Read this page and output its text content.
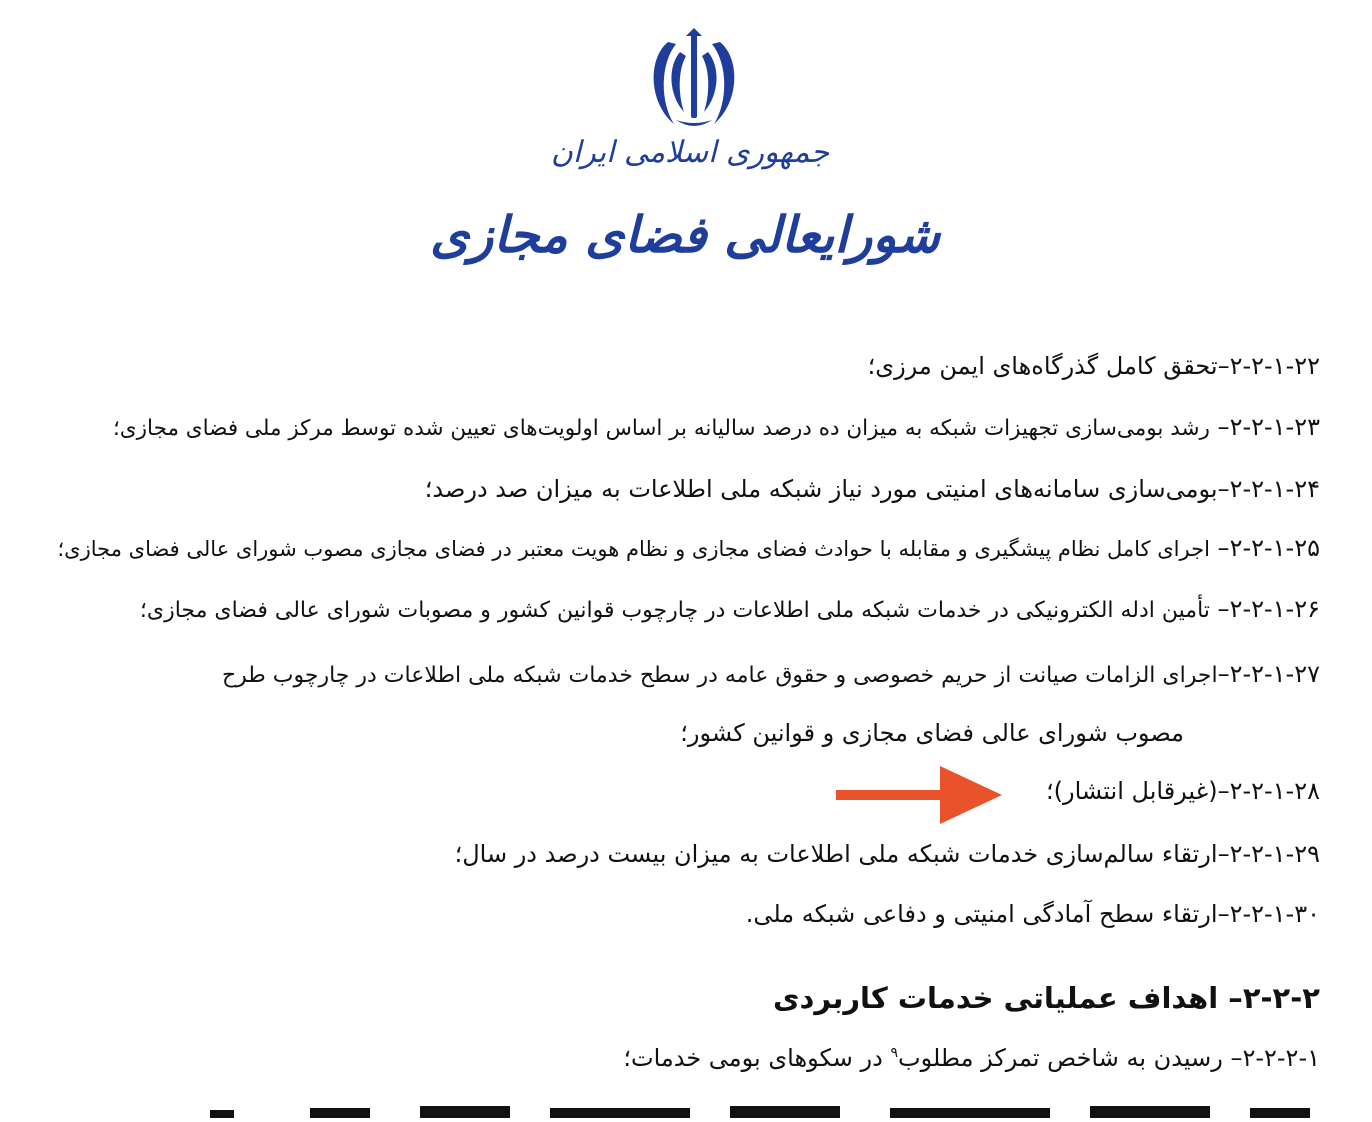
جمهوری اسلامی ایران
شورایعالی فضای مجازی
۲-۲-۱-۲۲–تحقق کامل گذرگاه‌های ایمن مرزی؛
۲-۲-۱-۲۳– رشد بومی‌سازی تجهیزات شبکه به میزان ده درصد سالیانه بر اساس اولویت‌های تعیین شده توسط مرکز ملی فضای مجازی؛
۲-۲-۱-۲۴–بومی‌سازی سامانه‌های امنیتی مورد نیاز شبکه ملی اطلاعات به میزان صد درصد؛
۲-۲-۱-۲۵– اجرای کامل نظام پیشگیری و مقابله با حوادث فضای مجازی و نظام هویت معتبر در فضای مجازی مصوب شورای عالی فضای مجازی؛
۲-۲-۱-۲۶– تأمین ادله الکترونیکی در خدمات شبکه ملی اطلاعات در چارچوب قوانین کشور و مصوبات شورای عالی فضای مجازی؛
۲-۲-۱-۲۷–اجرای الزامات صیانت از حریم خصوصی و حقوق عامه در سطح خدمات شبکه ملی اطلاعات در چارچوب طرح
مصوب شورای عالی فضای مجازی و قوانین کشور؛
۲-۲-۱-۲۸–(غیرقابل انتشار)؛
۲-۲-۱-۲۹–ارتقاء سالم‌سازی خدمات شبکه ملی اطلاعات به میزان بیست درصد در سال؛
۲-۲-۱-۳۰–ارتقاء سطح آمادگی امنیتی و دفاعی شبکه ملی.
۲-۲-۲– اهداف عملیاتی خدمات کاربردی
۲-۲-۲-۱– رسیدن به شاخص تمرکز مطلوب$^۹$ در سکوهای بومی خدمات؛
